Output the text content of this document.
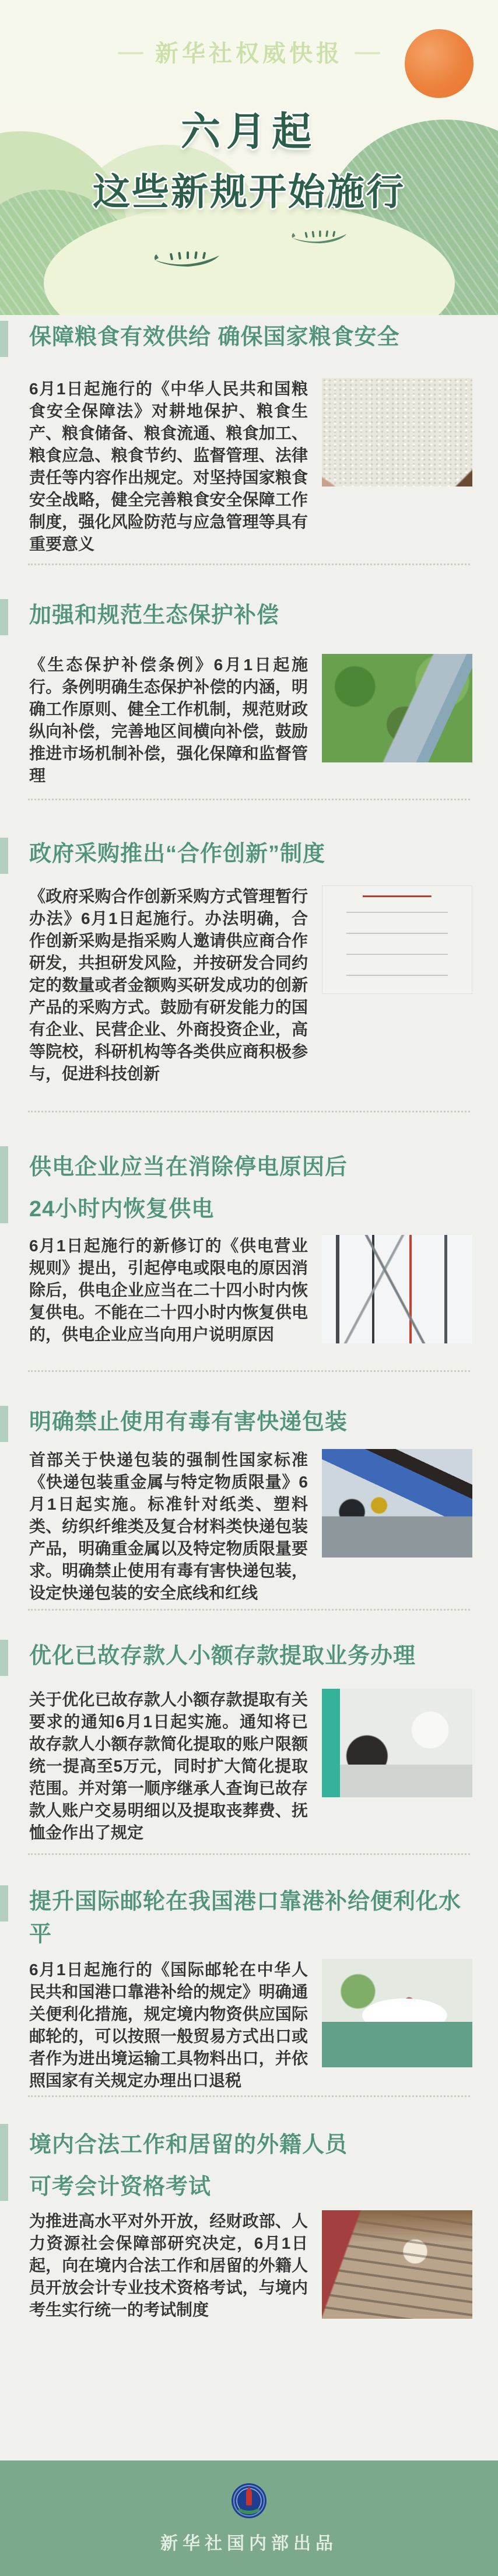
新华社权威快报
六月起
这些新规开始施行
保障粮食有效供给 确保国家粮食安全

6月1日起施行的《中华人民共和国粮食安全保障法》对耕地保护、粮食生产、粮食储备、粮食流通、粮食加工、粮食应急、粮食节约、监督管理、法律责任等内容作出规定。对坚持国家粮食安全战略，健全完善粮食安全保障工作制度，强化风险防范与应急管理等具有重要意义

加强和规范生态保护补偿

《生态保护补偿条例》6月1日起施行。条例明确生态保护补偿的内涵，明确工作原则、健全工作机制，规范财政纵向补偿，完善地区间横向补偿，鼓励推进市场机制补偿，强化保障和监督管理

政府采购推出“合作创新”制度

《政府采购合作创新采购方式管理暂行办法》6月1日起施行。办法明确，合作创新采购是指采购人邀请供应商合作研发，共担研发风险，并按研发合同约定的数量或者金额购买研发成功的创新产品的采购方式。鼓励有研发能力的国有企业、民营企业、外商投资企业，高等院校，科研机构等各类供应商积极参与，促进科技创新

供电企业应当在消除停电原因后
24小时内恢复供电

6月1日起施行的新修订的《供电营业规则》提出，引起停电或限电的原因消除后，供电企业应当在二十四小时内恢复供电。不能在二十四小时内恢复供电的，供电企业应当向用户说明原因

明确禁止使用有毒有害快递包装

首部关于快递包装的强制性国家标准《快递包装重金属与特定物质限量》6月1日起实施。标准针对纸类、塑料类、纺织纤维类及复合材料类快递包装产品，明确重金属以及特定物质限量要求。明确禁止使用有毒有害快递包装，设定快递包装的安全底线和红线

优化已故存款人小额存款提取业务办理

关于优化已故存款人小额存款提取有关要求的通知6月1日起实施。通知将已故存款人小额存款简化提取的账户限额统一提高至5万元，同时扩大简化提取范围。并对第一顺序继承人查询已故存款人账户交易明细以及提取丧葬费、抚恤金作出了规定

提升国际邮轮在我国港口靠港补给便利化水平

6月1日起施行的《国际邮轮在中华人民共和国港口靠港补给的规定》明确通关便利化措施，规定境内物资供应国际邮轮的，可以按照一般贸易方式出口或者作为进出境运输工具物料出口，并依照国家有关规定办理出口退税

境内合法工作和居留的外籍人员
可考会计资格考试

为推进高水平对外开放，经财政部、人力资源社会保障部研究决定，6月1日起，向在境内合法工作和居留的外籍人员开放会计专业技术资格考试，与境内考生实行统一的考试制度

新华社国内部出品
